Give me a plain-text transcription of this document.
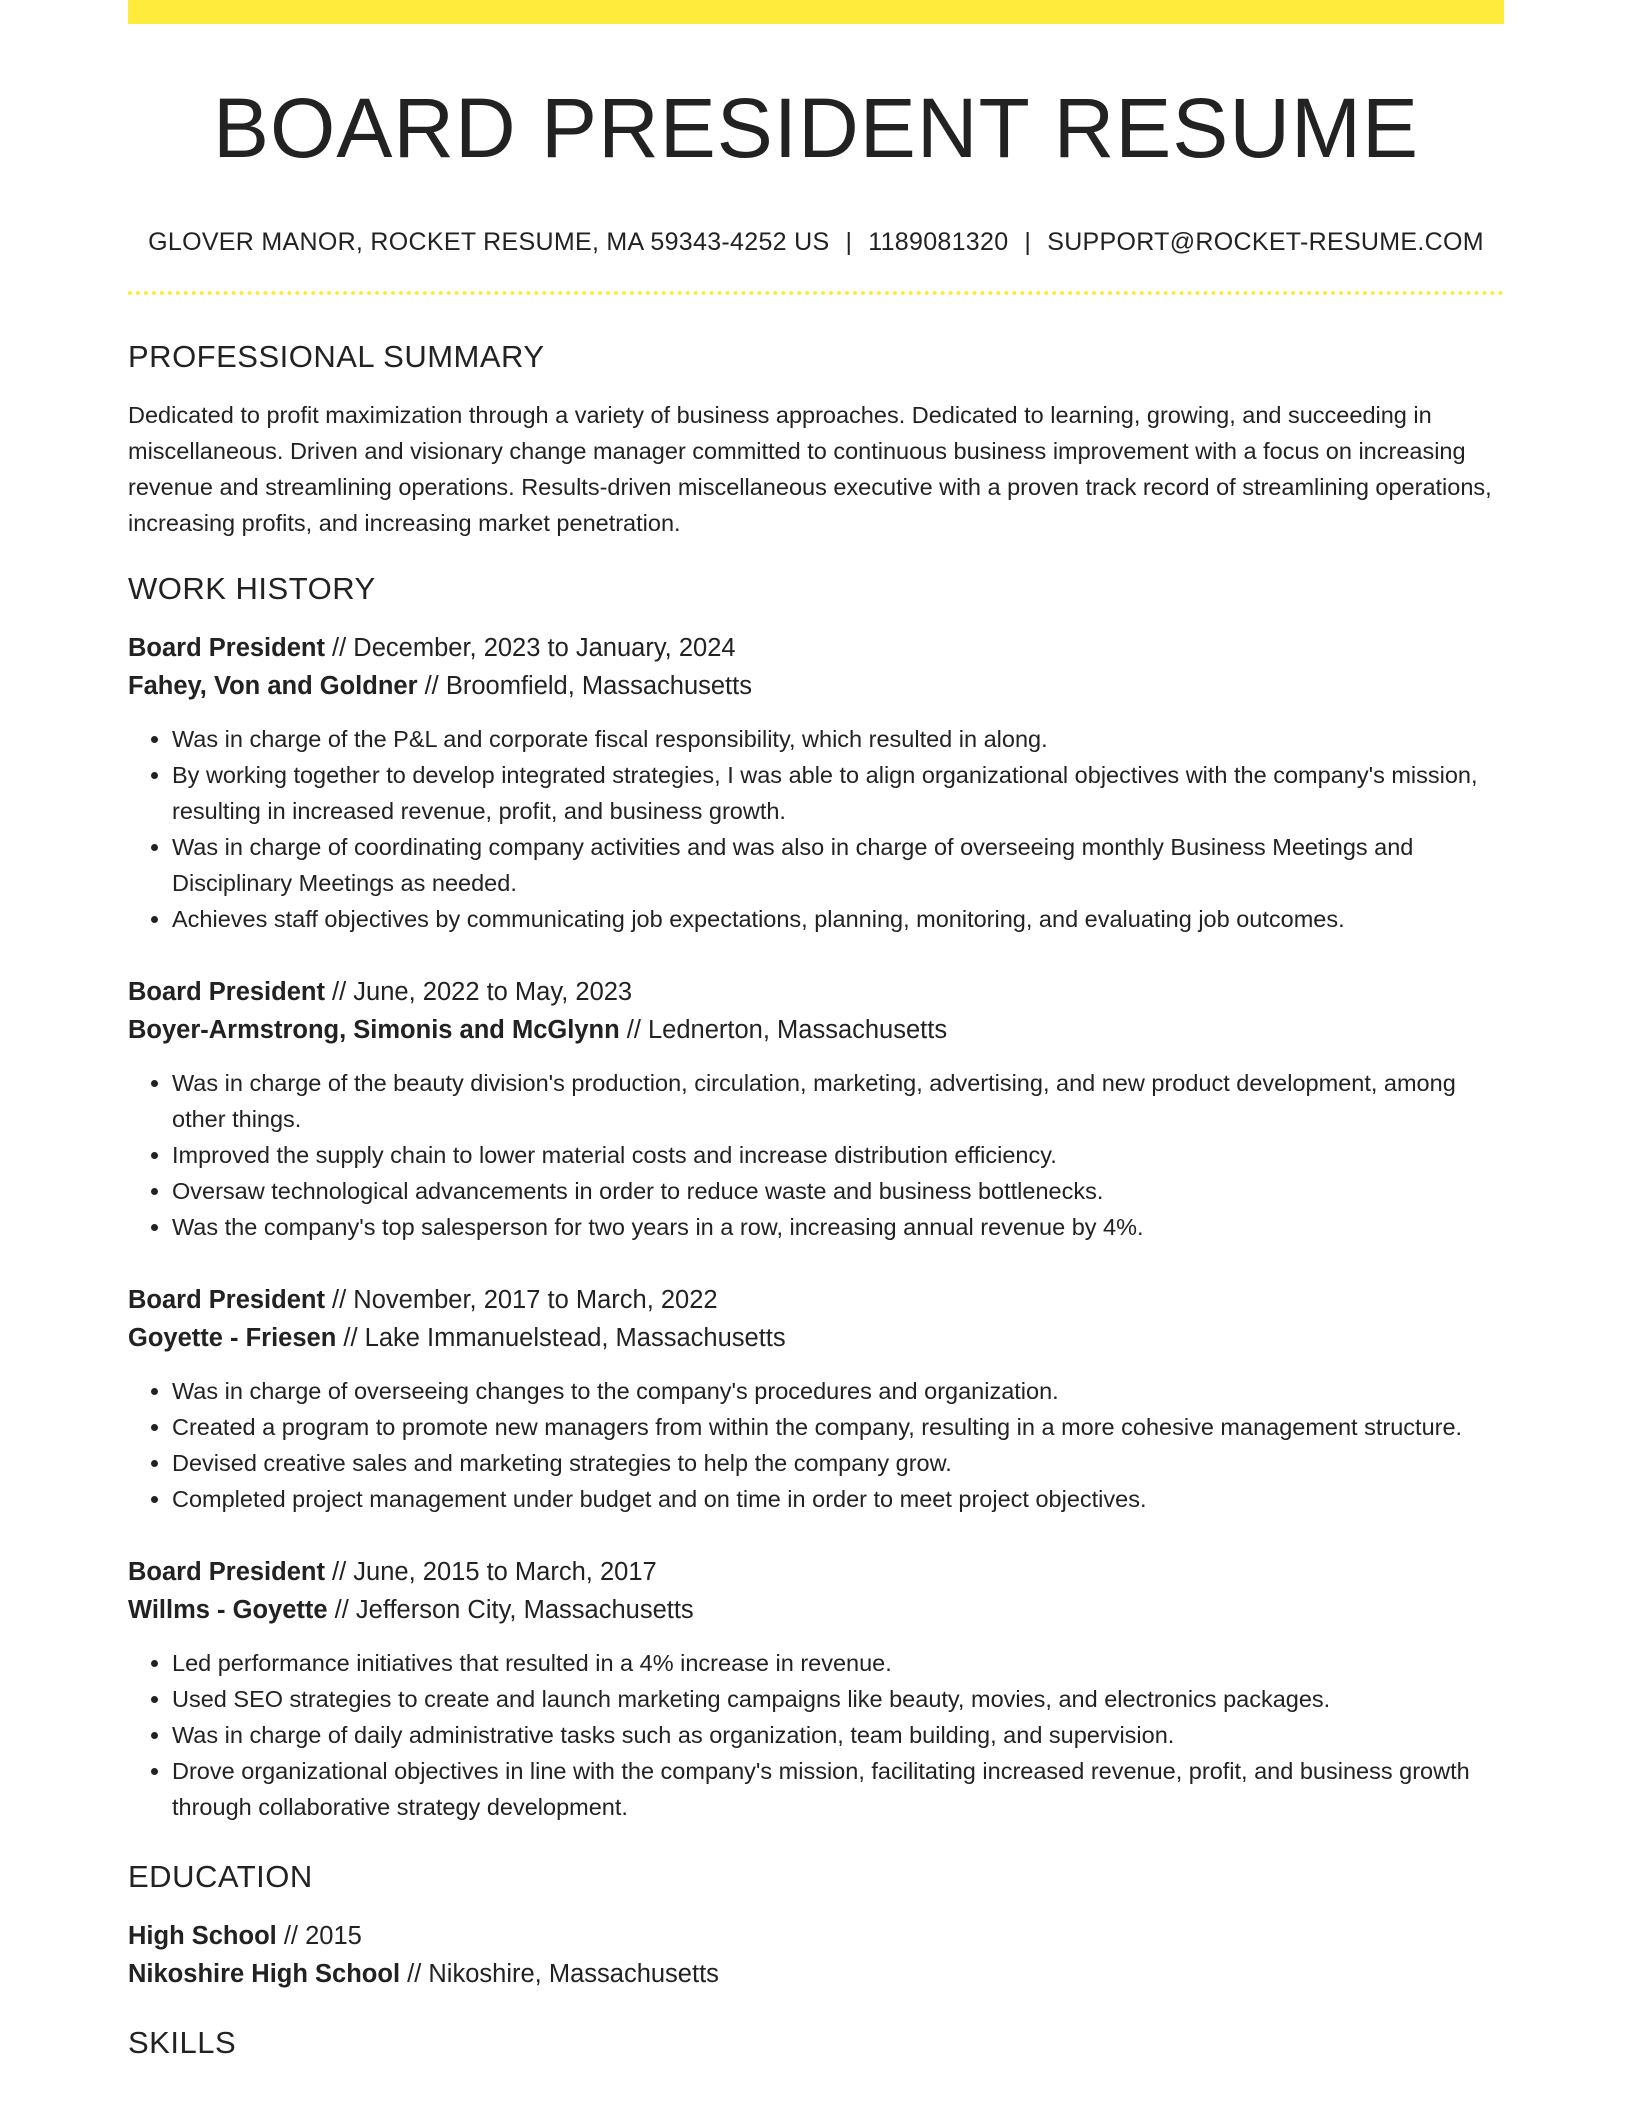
BOARD PRESIDENT RESUME
GLOVER MANOR, ROCKET RESUME, MA 59343-4252 US | 1189081320 | SUPPORT@ROCKET-RESUME.COM
PROFESSIONAL SUMMARY
Dedicated to profit maximization through a variety of business approaches. Dedicated to learning, growing, and succeeding in miscellaneous. Driven and visionary change manager committed to continuous business improvement with a focus on increasing revenue and streamlining operations. Results-driven miscellaneous executive with a proven track record of streamlining operations, increasing profits, and increasing market penetration.
WORK HISTORY
Board President // December, 2023 to January, 2024
Fahey, Von and Goldner // Broomfield, Massachusetts
• Was in charge of the P&L and corporate fiscal responsibility, which resulted in along.
• By working together to develop integrated strategies, I was able to align organizational objectives with the company's mission, resulting in increased revenue, profit, and business growth.
• Was in charge of coordinating company activities and was also in charge of overseeing monthly Business Meetings and Disciplinary Meetings as needed.
• Achieves staff objectives by communicating job expectations, planning, monitoring, and evaluating job outcomes.
Board President // June, 2022 to May, 2023
Boyer-Armstrong, Simonis and McGlynn // Lednerton, Massachusetts
• Was in charge of the beauty division's production, circulation, marketing, advertising, and new product development, among other things.
• Improved the supply chain to lower material costs and increase distribution efficiency.
• Oversaw technological advancements in order to reduce waste and business bottlenecks.
• Was the company's top salesperson for two years in a row, increasing annual revenue by 4%.
Board President // November, 2017 to March, 2022
Goyette - Friesen // Lake Immanuelstead, Massachusetts
• Was in charge of overseeing changes to the company's procedures and organization.
• Created a program to promote new managers from within the company, resulting in a more cohesive management structure.
• Devised creative sales and marketing strategies to help the company grow.
• Completed project management under budget and on time in order to meet project objectives.
Board President // June, 2015 to March, 2017
Willms - Goyette // Jefferson City, Massachusetts
• Led performance initiatives that resulted in a 4% increase in revenue.
• Used SEO strategies to create and launch marketing campaigns like beauty, movies, and electronics packages.
• Was in charge of daily administrative tasks such as organization, team building, and supervision.
• Drove organizational objectives in line with the company's mission, facilitating increased revenue, profit, and business growth through collaborative strategy development.
EDUCATION
High School // 2015
Nikoshire High School // Nikoshire, Massachusetts
SKILLS
